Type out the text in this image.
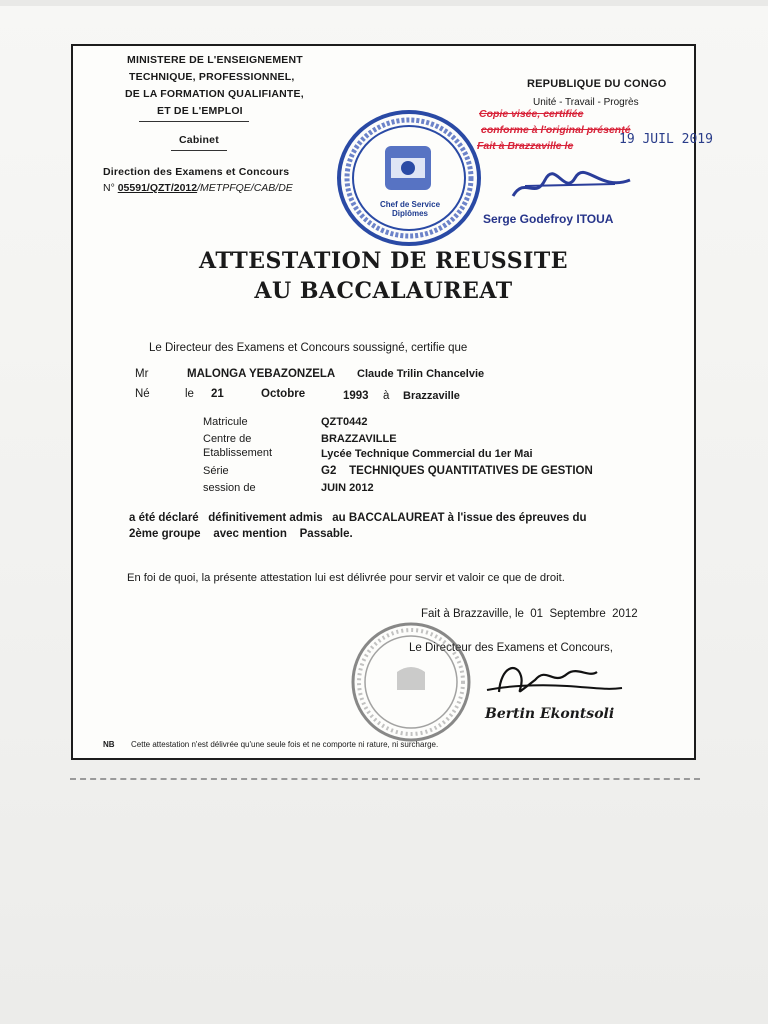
MINISTERE DE L'ENSEIGNEMENT
TECHNIQUE, PROFESSIONNEL,
DE LA FORMATION QUALIFIANTE,
ET DE L'EMPLOI
Cabinet
Direction des Examens et Concours
N° 05591/QZT/2012/METPFQE/CAB/DE
Chef de Service Diplômes
REPUBLIQUE DU CONGO
Unité - Travail - Progrès
Copie visée, certifiée
conforme à l'original présenté
Fait à Brazzaville le	19 JUIL 2019
Serge Godefroy ITOUA
ATTESTATION DE REUSSITE
AU BACCALAUREAT
Le Directeur des Examens et Concours soussigné, certifie que
Mr	MALONGA YEBAZONZELA Claude Trilin Chancelvie
Né	le 21	Octobre	1993 à Brazzaville
Matricule	QZT0442
Centre de	BRAZZAVILLE
Etablissement	Lycée Technique Commercial du 1er Mai
Série	G2    TECHNIQUES QUANTITATIVES DE GESTION
session de	JUIN 2012
a été déclaré   définitivement admis   au BACCALAUREAT à l'issue des épreuves du
2ème groupe    avec mention    Passable.
En foi de quoi, la présente attestation lui est délivrée pour servir et valoir ce que de droit.
Fait à Brazzaville, le  01  Septembre  2012
Le Directeur des Examens et Concours,
Bertin Ekontsoli
NB Cette attestation n'est délivrée qu'une seule fois et ne comporte ni rature, ni surcharge.
